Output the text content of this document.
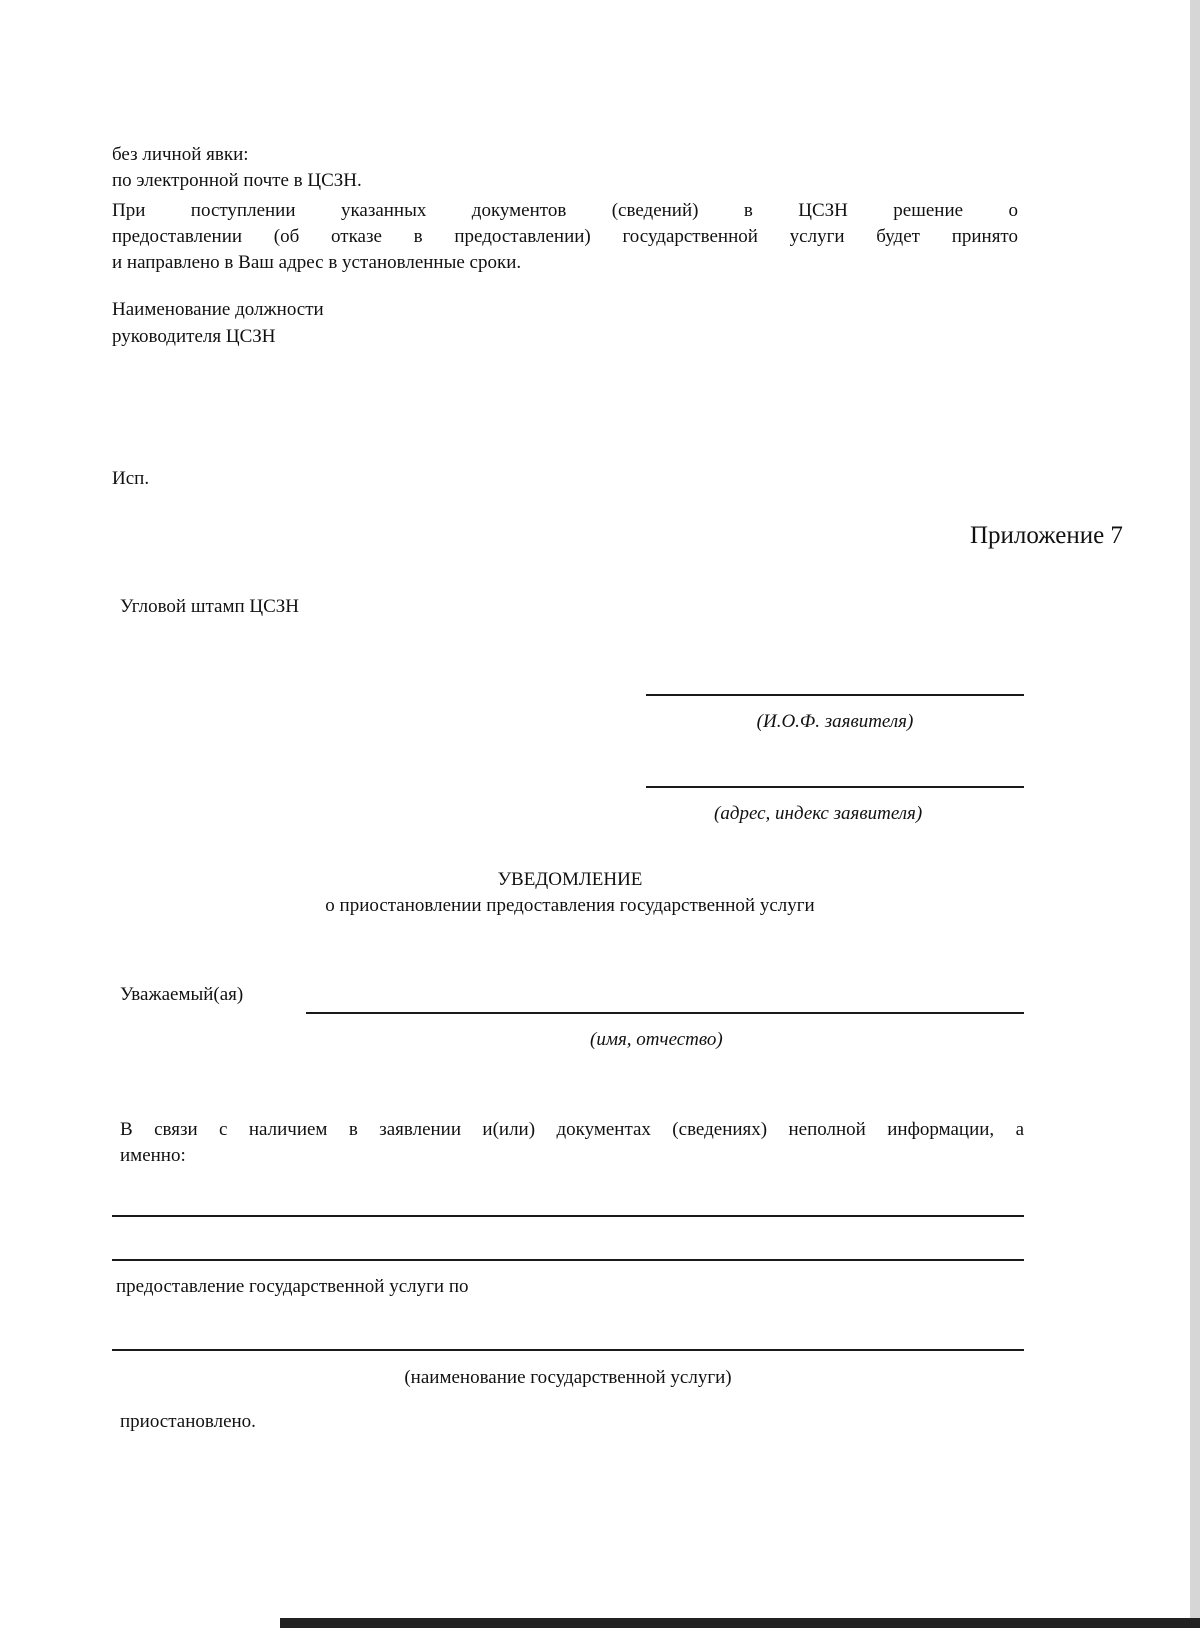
без личной явки:
по электронной почте в ЦСЗН.
При поступлении указанных документов (сведений) в ЦСЗН решение о
предоставлении (об отказе в предоставлении) государственной услуги будет принято
и направлено в Ваш адрес в установленные сроки.
Наименование должности
руководителя ЦСЗН
Исп.
Приложение 7
Угловой штамп ЦСЗН
(И.О.Ф. заявителя)
(адрес, индекс заявителя)
УВЕДОМЛЕНИЕ
о приостановлении предоставления государственной услуги
Уважаемый(ая)
(имя, отчество)
В связи с наличием в заявлении и(или) документах (сведениях) неполной информации, а
именно:
предоставление государственной услуги по
(наименование государственной услуги)
приостановлено.
